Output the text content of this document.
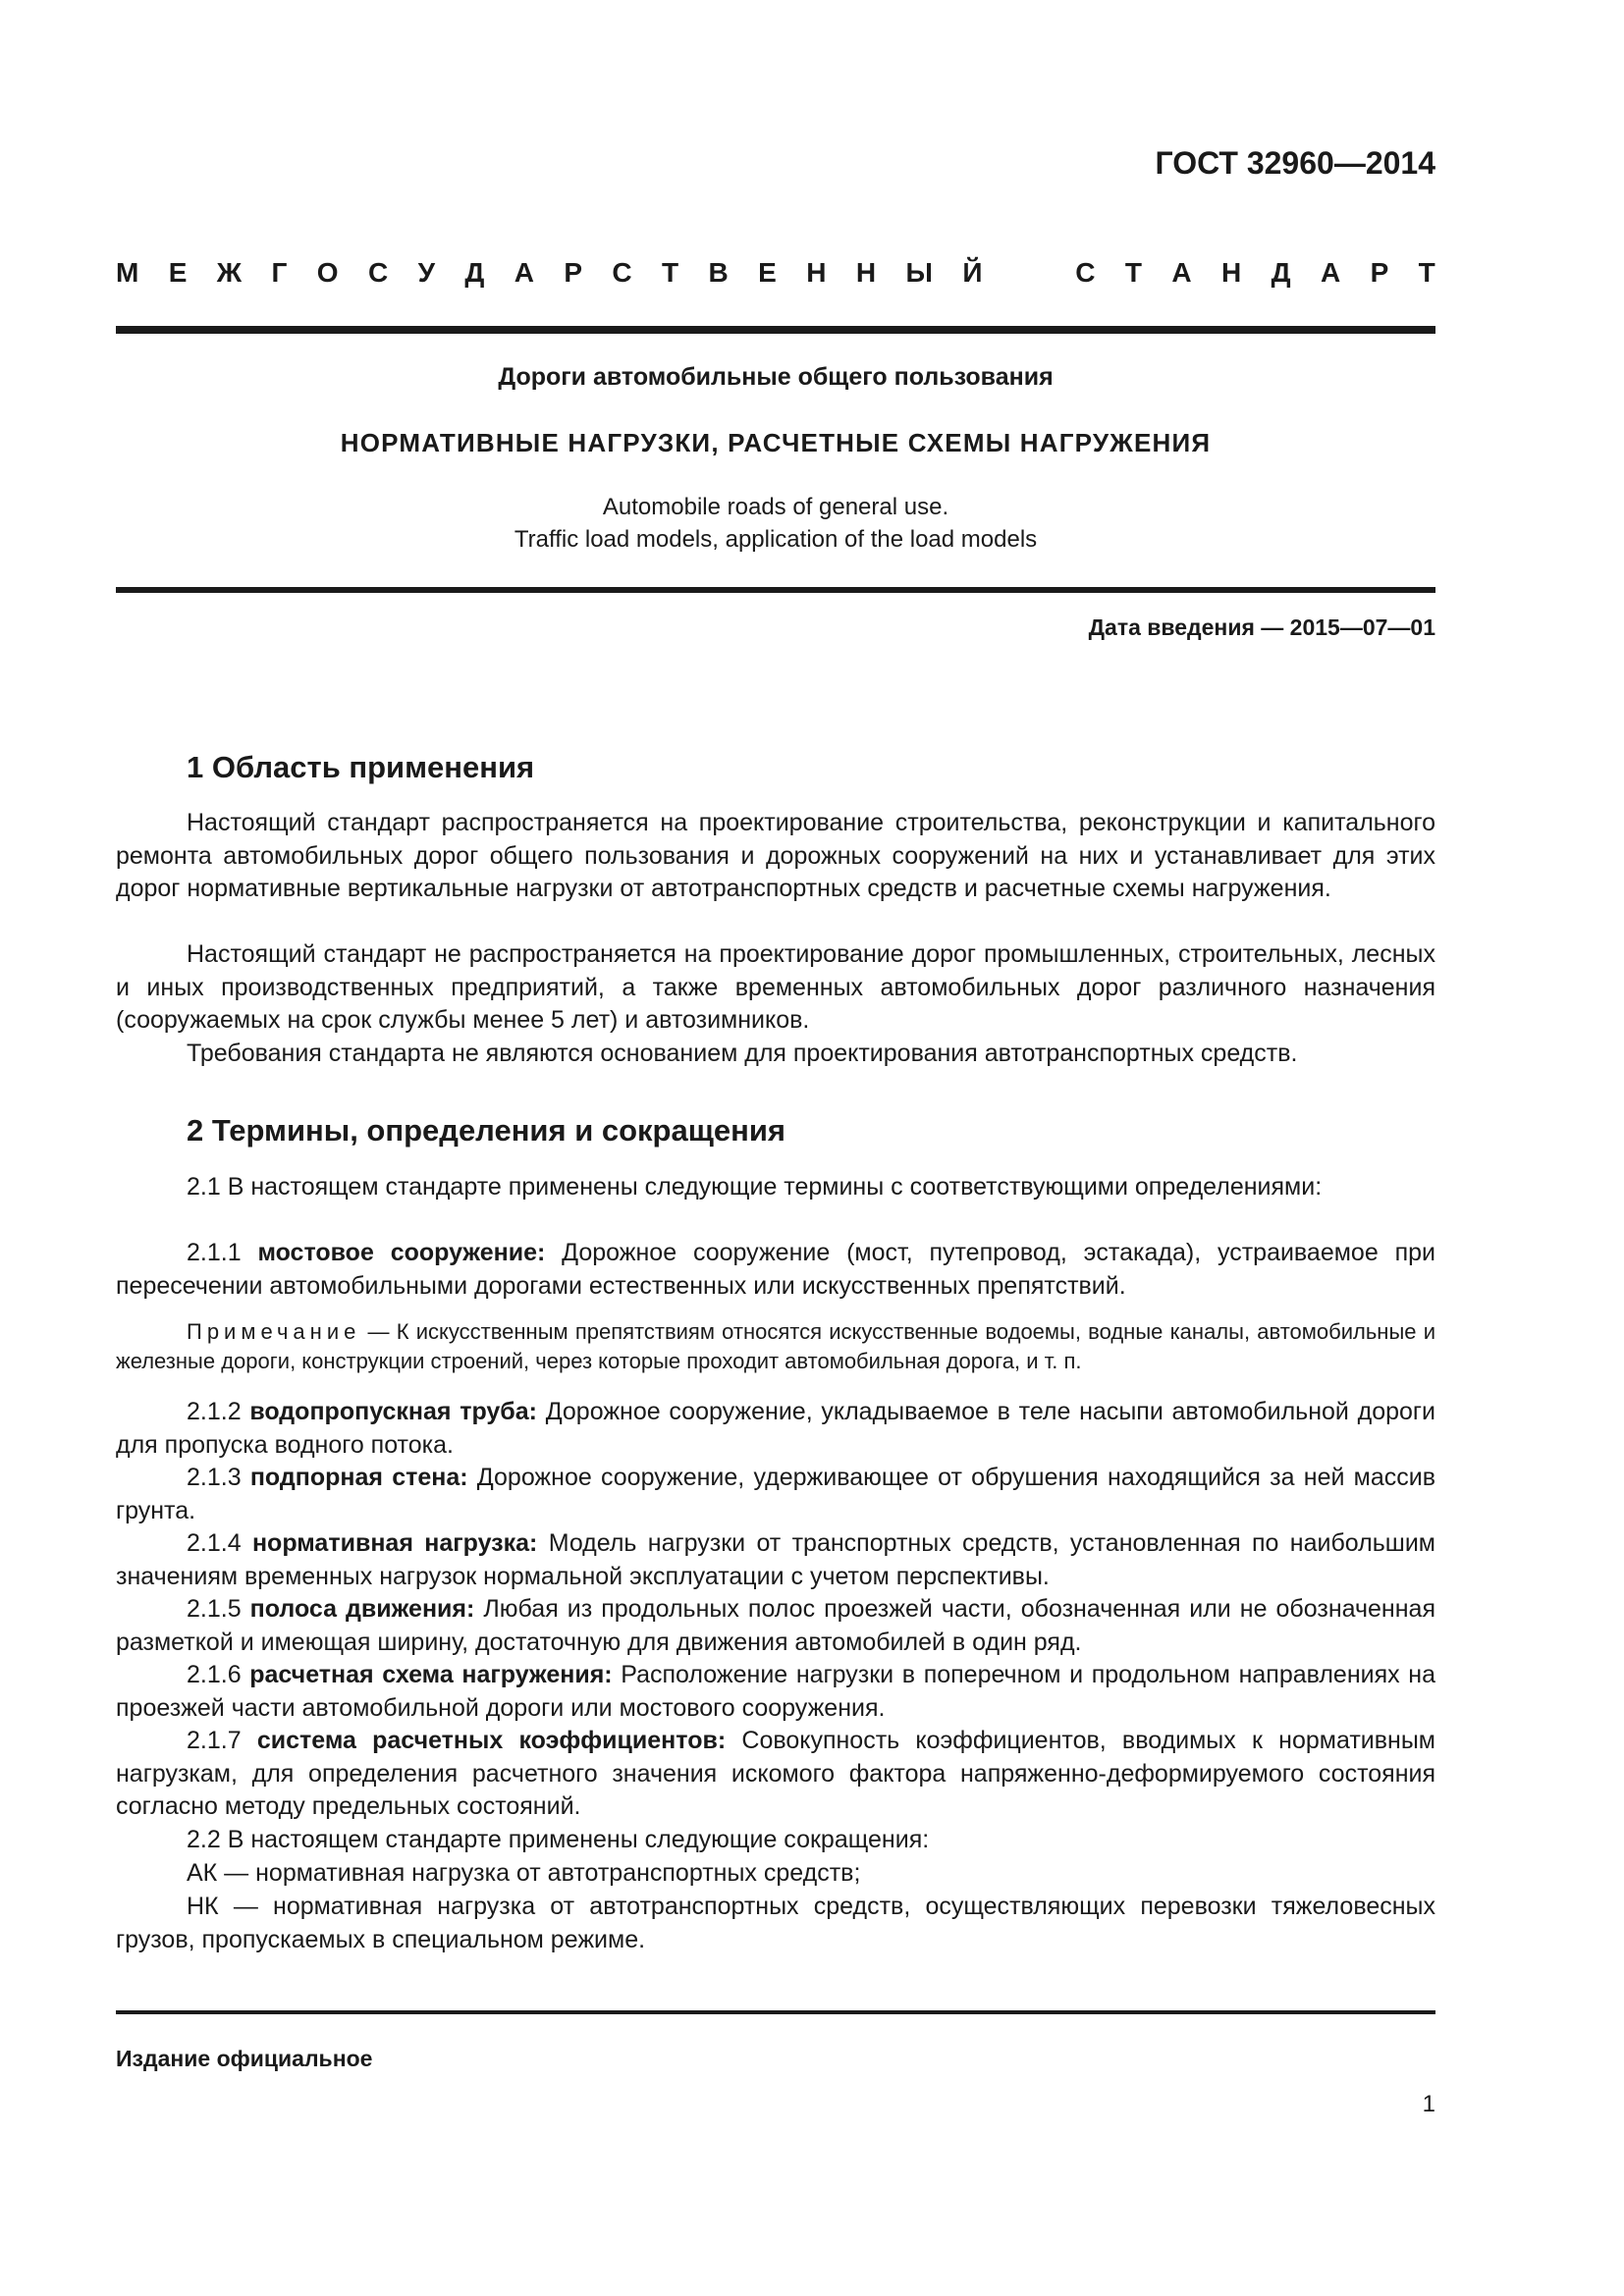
ГОСТ 32960—2014
М Е Ж Г О С У Д А Р С Т В Е Н Н Ы Й	С Т А Н Д А Р Т
Дороги автомобильные общего пользования
НОРМАТИВНЫЕ НАГРУЗКИ, РАСЧЕТНЫЕ СХЕМЫ НАГРУЖЕНИЯ
Automobile roads of general use.
Traffic load models, application of the load models
Дата введения — 2015—07—01
1 Область применения

Настоящий стандарт распространяется на проектирование строительства, реконструкции и капитального ремонта автомобильных дорог общего пользования и дорожных сооружений на них и устанавливает для этих дорог нормативные вертикальные нагрузки от автотранспортных средств и расчетные схемы нагружения.

Настоящий стандарт не распространяется на проектирование дорог промышленных, строительных, лесных и иных производственных предприятий, а также временных автомобильных дорог различного назначения (сооружаемых на срок службы менее 5 лет) и автозимников.

Требования стандарта не являются основанием для проектирования автотранспортных средств.

2 Термины, определения и сокращения

2.1 В настоящем стандарте применены следующие термины с соответствующими определениями:

2.1.1 мостовое сооружение: Дорожное сооружение (мост, путепровод, эстакада), устраиваемое при пересечении автомобильными дорогами естественных или искусственных препятствий.

Примечание — К искусственным препятствиям относятся искусственные водоемы, водные каналы, автомобильные и железные дороги, конструкции строений, через которые проходит автомобильная дорога, и т. п.

2.1.2 водопропускная труба: Дорожное сооружение, укладываемое в теле насыпи автомобильной дороги для пропуска водного потока.

2.1.3 подпорная стена: Дорожное сооружение, удерживающее от обрушения находящийся за ней массив грунта.

2.1.4 нормативная нагрузка: Модель нагрузки от транспортных средств, установленная по наибольшим значениям временных нагрузок нормальной эксплуатации с учетом перспективы.

2.1.5 полоса движения: Любая из продольных полос проезжей части, обозначенная или не обозначенная разметкой и имеющая ширину, достаточную для движения автомобилей в один ряд.

2.1.6 расчетная схема нагружения: Расположение нагрузки в поперечном и продольном направлениях на проезжей части автомобильной дороги или мостового сооружения.

2.1.7 система расчетных коэффициентов: Совокупность коэффициентов, вводимых к нормативным нагрузкам, для определения расчетного значения искомого фактора напряженно-деформируемого состояния согласно методу предельных состояний.

2.2 В настоящем стандарте применены следующие сокращения:

АК — нормативная нагрузка от автотранспортных средств;

НК — нормативная нагрузка от автотранспортных средств, осуществляющих перевозки тяжеловесных грузов, пропускаемых в специальном режиме.

Издание официальное
1
